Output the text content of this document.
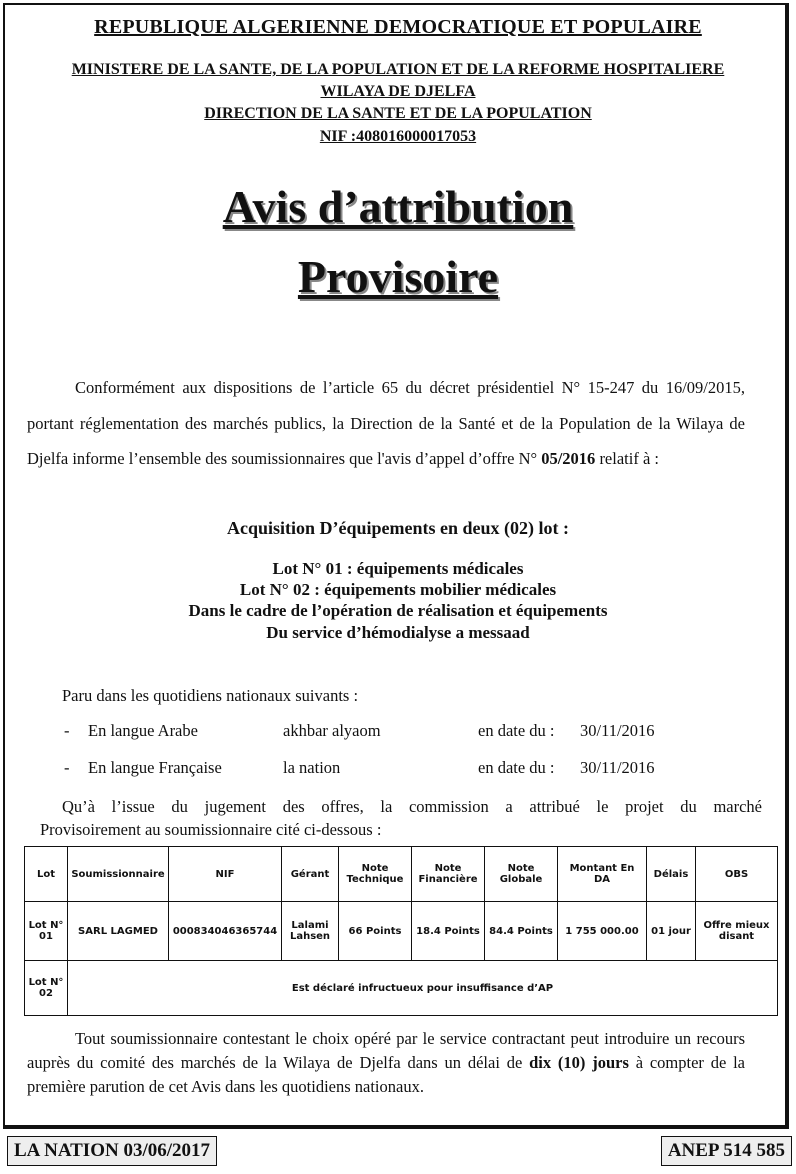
REPUBLIQUE ALGERIENNE DEMOCRATIQUE ET POPULAIRE
MINISTERE DE LA SANTE, DE LA POPULATION ET DE LA REFORME HOSPITALIERE
WILAYA DE DJELFA
DIRECTION DE LA SANTE ET DE LA POPULATION
NIF :408016000017053
Avis d’attribution
Provisoire
Conformément aux dispositions de l’article 65 du décret présidentiel N° 15-247 du 16/09/2015, portant réglementation des marchés publics, la Direction de la Santé et de la Population de la Wilaya de Djelfa informe l’ensemble des soumissionnaires que l'avis d’appel d’offre N° 05/2016 relatif à :
Acquisition D’équipements en deux (02) lot :
Lot N° 01 : équipements médicales
Lot N° 02 : équipements mobilier médicales
Dans le cadre de l’opération de réalisation et équipements
Du service d’hémodialyse a messaad
Paru dans les quotidiens nationaux suivants :
- En langue Arabe	akhbar alyaom	en date du : 30/11/2016
- En langue Française	la nation	en date du : 30/11/2016
Qu’à l’issue du jugement des offres, la commission a attribué le projet du marché
Provisoirement au soumissionnaire cité ci-dessous :
Lot	Soumissionnaire	NIF	Gérant	Note Technique	Note Financière	Note Globale	Montant En DA	Délais	OBS
Lot N° 01	SARL LAGMED	000834046365744	Lalami Lahsen	66 Points	18.4 Points	84.4 Points	1 755 000.00	01 jour	Offre mieux disant
Lot N° 02	Est déclaré infructueux pour insuffisance d’AP								
Tout soumissionnaire contestant le choix opéré par le service contractant peut introduire un recours auprès du comité des marchés de la Wilaya de Djelfa dans un délai de dix (10) jours à compter de la première parution de cet Avis dans les quotidiens nationaux.
LA NATION 03/06/2017	ANEP 514 585
